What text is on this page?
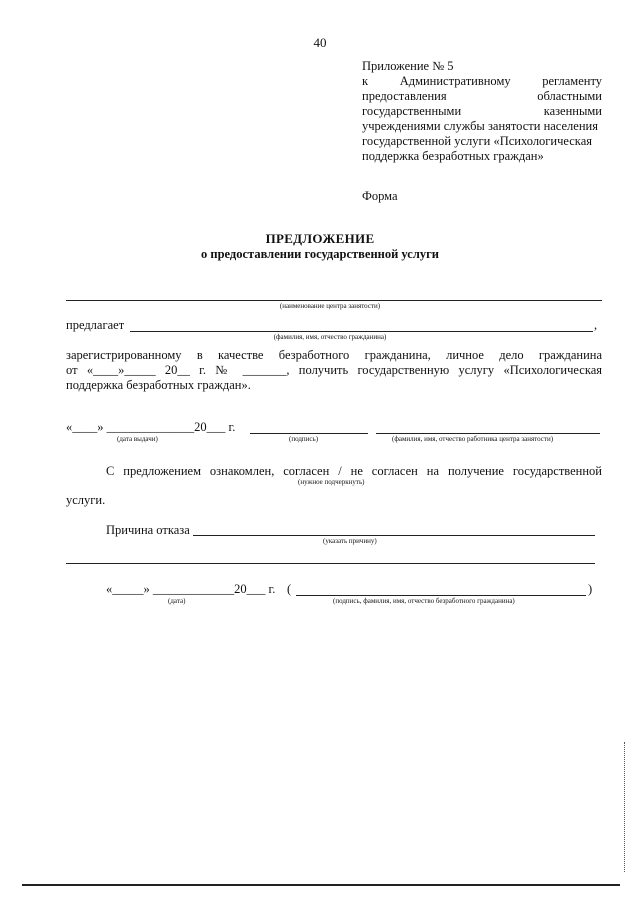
40
Приложение № 5
к Административному регламенту
предоставления областными
государственными казенными
учреждениями службы занятости населения
государственной услуги «Психологическая
поддержка безработных граждан»
Форма
ПРЕДЛОЖЕНИЕ
о предоставлении государственной услуги
(наименование центра занятости)
предлагает	,
(фамилия, имя, отчество гражданина)
зарегистрированному в качестве безработного гражданина, личное дело гражданина
от «____»_____ 20__ г. № _______, получить государственную услугу «Психологическая
поддержка безработных граждан».
«____» ______________20___ г.
(дата выдачи)	(подпись)	(фамилия, имя, отчество работника центра занятости)
С предложением ознакомлен, согласен / не согласен на получение государственной
(нужное подчеркнуть)
услуги.
Причина отказа
(указать причину)
«_____» _____________20___ г. (	)
(дата)	(подпись, фамилия, имя, отчество безработного гражданина)
